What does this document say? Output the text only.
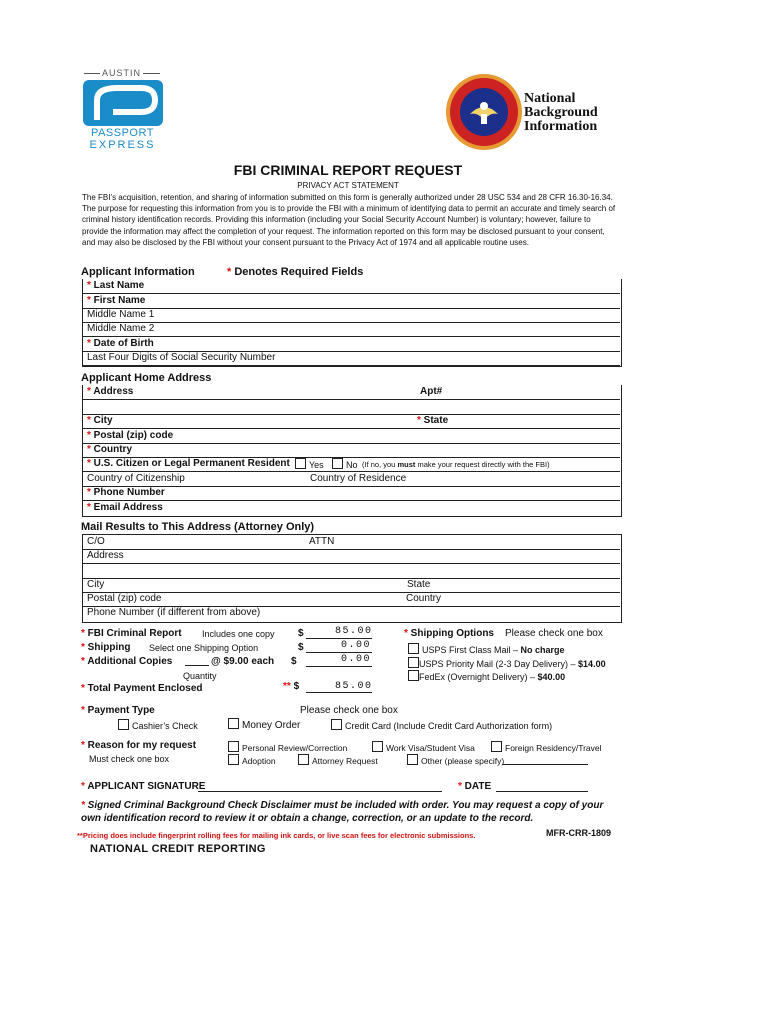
AUSTIN
PASSPORT
EXPRESS
National
Background
Information
FBI CRIMINAL REPORT REQUEST
PRIVACY ACT STATEMENT
The FBI’s acquisition, retention, and sharing of information submitted on this form is generally authorized under 28 USC 534 and 28 CFR 16.30-16.34. The purpose for requesting this information from you is to provide the FBI with a minimum of identifying data to permit an accurate and timely search of criminal history identification records. Providing this information (including your Social Security Account Number) is voluntary; however, failure to provide the information may affect the completion of your request. The information reported on this form may be disclosed pursuant to your consent, and may also be disclosed by the FBI without your consent pursuant to the Privacy Act of 1974 and all applicable routine uses.
Applicant Information	* Denotes Required Fields
* Last Name
* First Name
Middle Name 1
Middle Name 2
* Date of Birth
Last Four Digits of Social Security Number
Applicant Home Address
* Address	Apt#
* City	* State
* Postal (zip) code
* Country
* U.S. Citizen or Legal Permanent Resident	Yes	No (If no, you must make your request directly with the FBI)
Country of Citizenship	Country of Residence
* Phone Number
* Email Address
Mail Results to This Address (Attorney Only)
C/O	ATTN
Address
City	State
Postal (zip) code	Country
Phone Number (if different from above)
* FBI Criminal Report Includes one copy $	85.00
* Shipping Select one Shipping Option	$	0.00
* Additional Copies	@ $9.00 each $	0.00
Quantity
* Total Payment Enclosed	** $	85.00
* Shipping Options Please check one box
USPS First Class Mail – No charge
USPS Priority Mail (2-3 Day Delivery) – $14.00
FedEx (Overnight Delivery) – $40.00
* Payment Type	Please check one box
Cashier’s Check	Money Order	Credit Card (Include Credit Card Authorization form)
* Reason for my request
Must check one box
Personal Review/Correction	Work Visa/Student Visa	Foreign Residency/Travel
Adoption	Attorney Request	Other (please specify)
* APPLICANT SIGNATURE	* DATE
* Signed Criminal Background Check Disclaimer must be included with order. You may request a copy of your own identification record to review it or obtain a change, correction, or an update to the record.
**Pricing does include fingerprint rolling fees for mailing ink cards, or live scan fees for electronic submissions.	MFR-CRR-1809
NATIONAL CREDIT REPORTING
